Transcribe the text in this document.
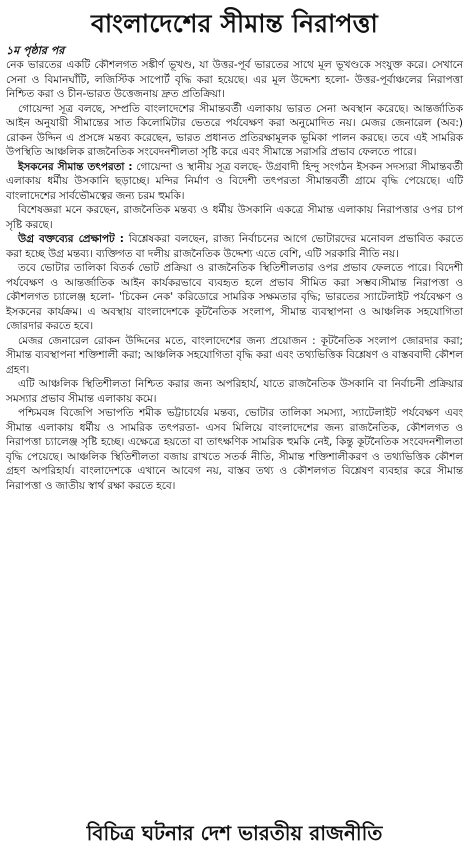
বাংলাদেশের সীমান্ত নিরাপত্তা
১ম পৃষ্ঠার পর

নেক ভারতের একটি কৌশলগত সঙ্কীর্ণ ভূখণ্ড, যা উত্তর-পূর্ব ভারতের সাথে মূল ভূখণ্ডকে সংযুক্ত করে। সেখানে সেনা ও বিমানঘাঁটি, লজিস্টিক সাপোর্ট বৃদ্ধি করা হয়েছে। এর মূল উদ্দেশ্য হলো- উত্তর-পূর্বাঞ্চলের নিরাপত্তা নিশ্চিত করা ও চীন-ভারত উত্তেজনায় দ্রুত প্রতিক্রিয়া।

গোয়েন্দা সূত্র বলছে, সম্প্রতি বাংলাদেশের সীমান্তবর্তী এলাকায় ভারত সেনা অবস্থান করেছে। আন্তর্জাতিক আইন অনুযায়ী সীমান্তের সাত কিলোমিটার ভেতরে পর্যবেক্ষণ করা অনুমোদিত নয়। মেজর জেনারেল (অব:) রোকন উদ্দিন এ প্রসঙ্গে মন্তব্য করেছেন, ভারত প্রধানত প্রতিরক্ষামূলক ভূমিকা পালন করছে। তবে এই সামরিক উপস্থিতি আঞ্চলিক রাজনৈতিক সংবেদনশীলতা সৃষ্টি করে এবং সীমান্তে সরাসরি প্রভাব ফেলতে পারে।

ইসকনের সীমান্ত তৎপরতা : গোয়েন্দা ও স্থানীয় সূত্র বলছে- উগ্রবাদী হিন্দু সংগঠন ইসকন সদস্যরা সীমান্তবর্তী এলাকায় ধর্মীয় উসকানি ছড়াচ্ছে। মন্দির নির্মাণ ও বিদেশী তৎপরতা সীমান্তবর্তী গ্রামে বৃদ্ধি পেয়েছে। এটি বাংলাদেশের সার্বভৌমত্বের জন্য চরম হুমকি।

বিশেষজ্ঞরা মনে করছেন, রাজনৈতিক মন্তব্য ও ধর্মীয় উসকানি একত্রে সীমান্ত এলাকায় নিরাপত্তার ওপর চাপ সৃষ্টি করছে।

উগ্র বক্তব্যের প্রেক্ষাপট : বিশ্লেষকরা বলছেন, রাজ্য নির্বাচনের আগে ভোটারদের মনোবল প্রভাবিত করতে করা হচ্ছে উগ্র মন্তব্য। ব্যক্তিগত বা দলীয় রাজনৈতিক উদ্দেশ্য এতে বেশি, এটি সরকারি নীতি নয়।

তবে ভোটার তালিকা বিতর্ক ভোট প্রক্রিয়া ও রাজনৈতিক স্থিতিশীলতার ওপর প্রভাব ফেলতে পারে। বিদেশী পর্যবেক্ষণ ও আন্তর্জাতিক আইন কার্যকরভাবে ব্যবহৃত হলে প্রভাব সীমিত করা সম্ভব।সীমান্ত নিরাপত্তা ও কৌশলগত চ্যালেঞ্জ হলো- 'চিকেন নেক' করিডোরে সামরিক সক্ষমতার বৃদ্ধি; ভারতের স্যাটেলাইট পর্যবেক্ষণ ও ইসকনের কার্যক্রম। এ অবস্থায় বাংলাদেশকে কূটনৈতিক সংলাপ, সীমান্ত ব্যবস্থাপনা ও আঞ্চলিক সহযোগিতা জোরদার করতে হবে।

মেজর জেনারেল রোকন উদ্দিনের মতে, বাংলাদেশের জন্য প্রয়োজন : কূটনৈতিক সংলাপ জোরদার করা; সীমান্ত ব্যবস্থাপনা শক্তিশালী করা; আঞ্চলিক সহযোগিতা বৃদ্ধি করা এবং তথ্যভিত্তিক বিশ্লেষণ ও বাস্তববাদী কৌশল গ্রহণ।

এটি আঞ্চলিক স্থিতিশীলতা নিশ্চিত করার জন্য অপরিহার্য, যাতে রাজনৈতিক উসকানি বা নির্বাচনী প্রক্রিয়ার সমস্যার প্রভাব সীমান্ত এলাকায় কমে।

পশ্চিমবঙ্গ বিজেপি সভাপতি শমীক ভট্টাচার্যের মন্তব্য, ভোটার তালিকা সমস্যা, স্যাটেলাইট পর্যবেক্ষণ এবং সীমান্ত এলাকায় ধর্মীয় ও সামরিক তৎপরতা- এসব মিলিয়ে বাংলাদেশের জন্য রাজনৈতিক, কৌশলগত ও নিরাপত্তা চ্যালেঞ্জ সৃষ্টি হচ্ছে। এক্ষেত্রে হয়তো বা তাৎক্ষণিক সামরিক হুমকি নেই, কিন্তু কূটনৈতিক সংবেদনশীলতা বৃদ্ধি পেয়েছে। আঞ্চলিক স্থিতিশীলতা বজায় রাখতে সতর্ক নীতি, সীমান্ত শক্তিশালীকরণ ও তথ্যভিত্তিক কৌশল গ্রহণ অপরিহার্য। বাংলাদেশকে এখানে আবেগ নয়, বাস্তব তথ্য ও কৌশলগত বিশ্লেষণ ব্যবহার করে সীমান্ত নিরাপত্তা ও জাতীয় স্বার্থ রক্ষা করতে হবে।

বিচিত্র ঘটনার দেশ ভারতীয় রাজনীতি
